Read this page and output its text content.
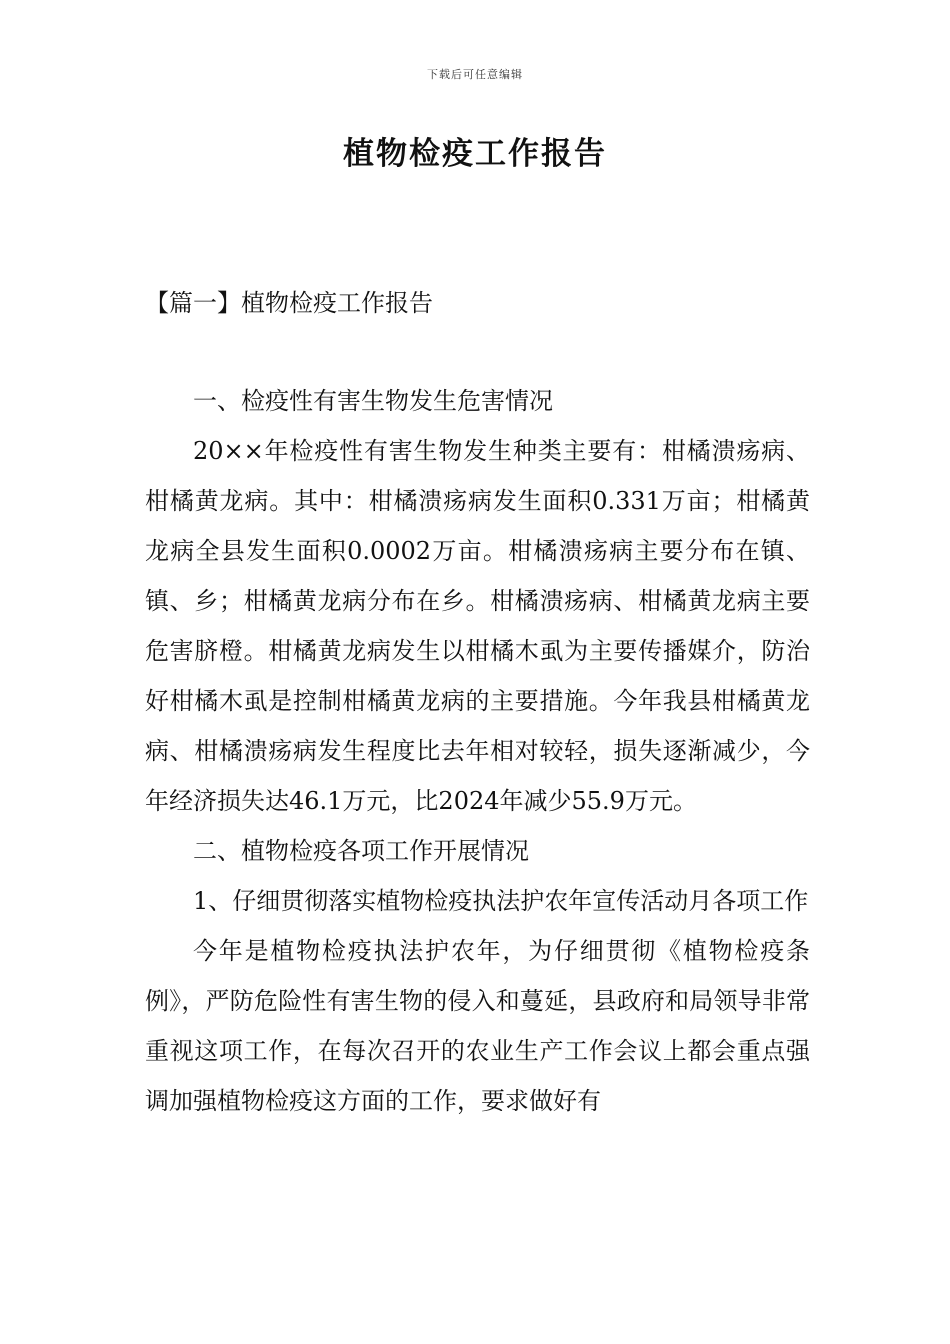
下载后可任意编辑
植物检疫工作报告
【篇一】植物检疫工作报告

一、检疫性有害生物发生危害情况

20××年检疫性有害生物发生种类主要有：柑橘溃疡病、柑橘黄龙病。其中：柑橘溃疡病发生面积0.331万亩；柑橘黄龙病全县发生面积0.0002万亩。柑橘溃疡病主要分布在镇、镇、乡；柑橘黄龙病分布在乡。柑橘溃疡病、柑橘黄龙病主要危害脐橙。柑橘黄龙病发生以柑橘木虱为主要传播媒介，防治好柑橘木虱是控制柑橘黄龙病的主要措施。今年我县柑橘黄龙病、柑橘溃疡病发生程度比去年相对较轻，损失逐渐减少，今年经济损失达46.1万元，比2024年减少55.9万元。

二、植物检疫各项工作开展情况

1、仔细贯彻落实植物检疫执法护农年宣传活动月各项工作

今年是植物检疫执法护农年，为仔细贯彻《植物检疫条例》，严防危险性有害生物的侵入和蔓延，县政府和局领导非常重视这项工作，在每次召开的农业生产工作会议上都会重点强调加强植物检疫这方面的工作，要求做好有
